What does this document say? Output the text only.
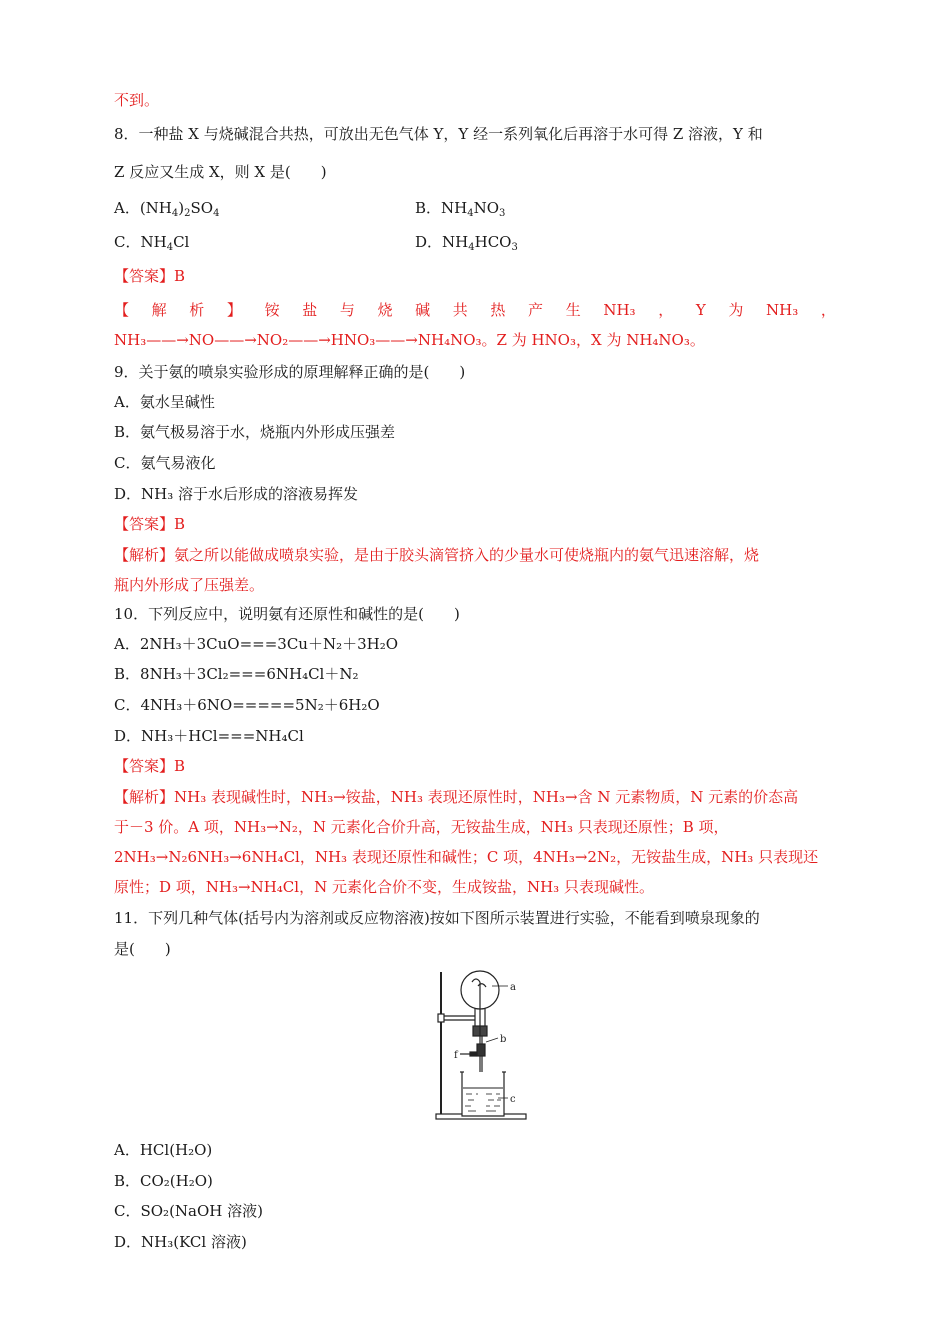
不到。
8．一种盐 X 与烧碱混合共热，可放出无色气体 Y，Y 经一系列氧化后再溶于水可得 Z 溶液，Y 和
Z 反应又生成 X，则 X 是(　　)
A．$(NH_4)_2SO_4$	B．$NH_4NO_3$
C．$NH_4Cl$	D．$NH_4HCO_3$
【答案】B
【 解 析 】 铵 盐 与 烧 碱 共 热 产 生 NH₃ ， Y 为 NH₃ ，
NH₃——→NO——→NO₂——→HNO₃——→NH₄NO₃。Z 为 HNO₃，X 为 NH₄NO₃。
9．关于氨的喷泉实验形成的原理解释正确的是(　　)
A．氨水呈碱性
B．氨气极易溶于水，烧瓶内外形成压强差
C．氨气易液化
D．NH₃ 溶于水后形成的溶液易挥发
【答案】B
【解析】氨之所以能做成喷泉实验，是由于胶头滴管挤入的少量水可使烧瓶内的氨气迅速溶解，烧
瓶内外形成了压强差。
10．下列反应中，说明氨有还原性和碱性的是(　　)
A．2NH₃＋3CuO===3Cu＋N₂＋3H₂O
B．8NH₃＋3Cl₂===6NH₄Cl＋N₂
C．4NH₃＋6NO=====5N₂＋6H₂O
D．NH₃＋HCl===NH₄Cl
【答案】B
【解析】NH₃ 表现碱性时，NH₃→铵盐，NH₃ 表现还原性时，NH₃→含 N 元素物质，N 元素的价态高
于－3 价。A 项，NH₃→N₂，N 元素化合价升高，无铵盐生成，NH₃ 只表现还原性；B 项，
2NH₃→N₂6NH₃→6NH₄Cl，NH₃ 表现还原性和碱性；C 项，4NH₃→2N₂，无铵盐生成，NH₃ 只表现还
原性；D 项，NH₃→NH₄Cl，N 元素化合价不变，生成铵盐，NH₃ 只表现碱性。
11．下列几种气体(括号内为溶剂或反应物溶液)按如下图所示装置进行实验，不能看到喷泉现象的
是(　　)
a
b
f
c
A．HCl(H₂O)
B．CO₂(H₂O)
C．SO₂(NaOH 溶液)
D．NH₃(KCl 溶液)
